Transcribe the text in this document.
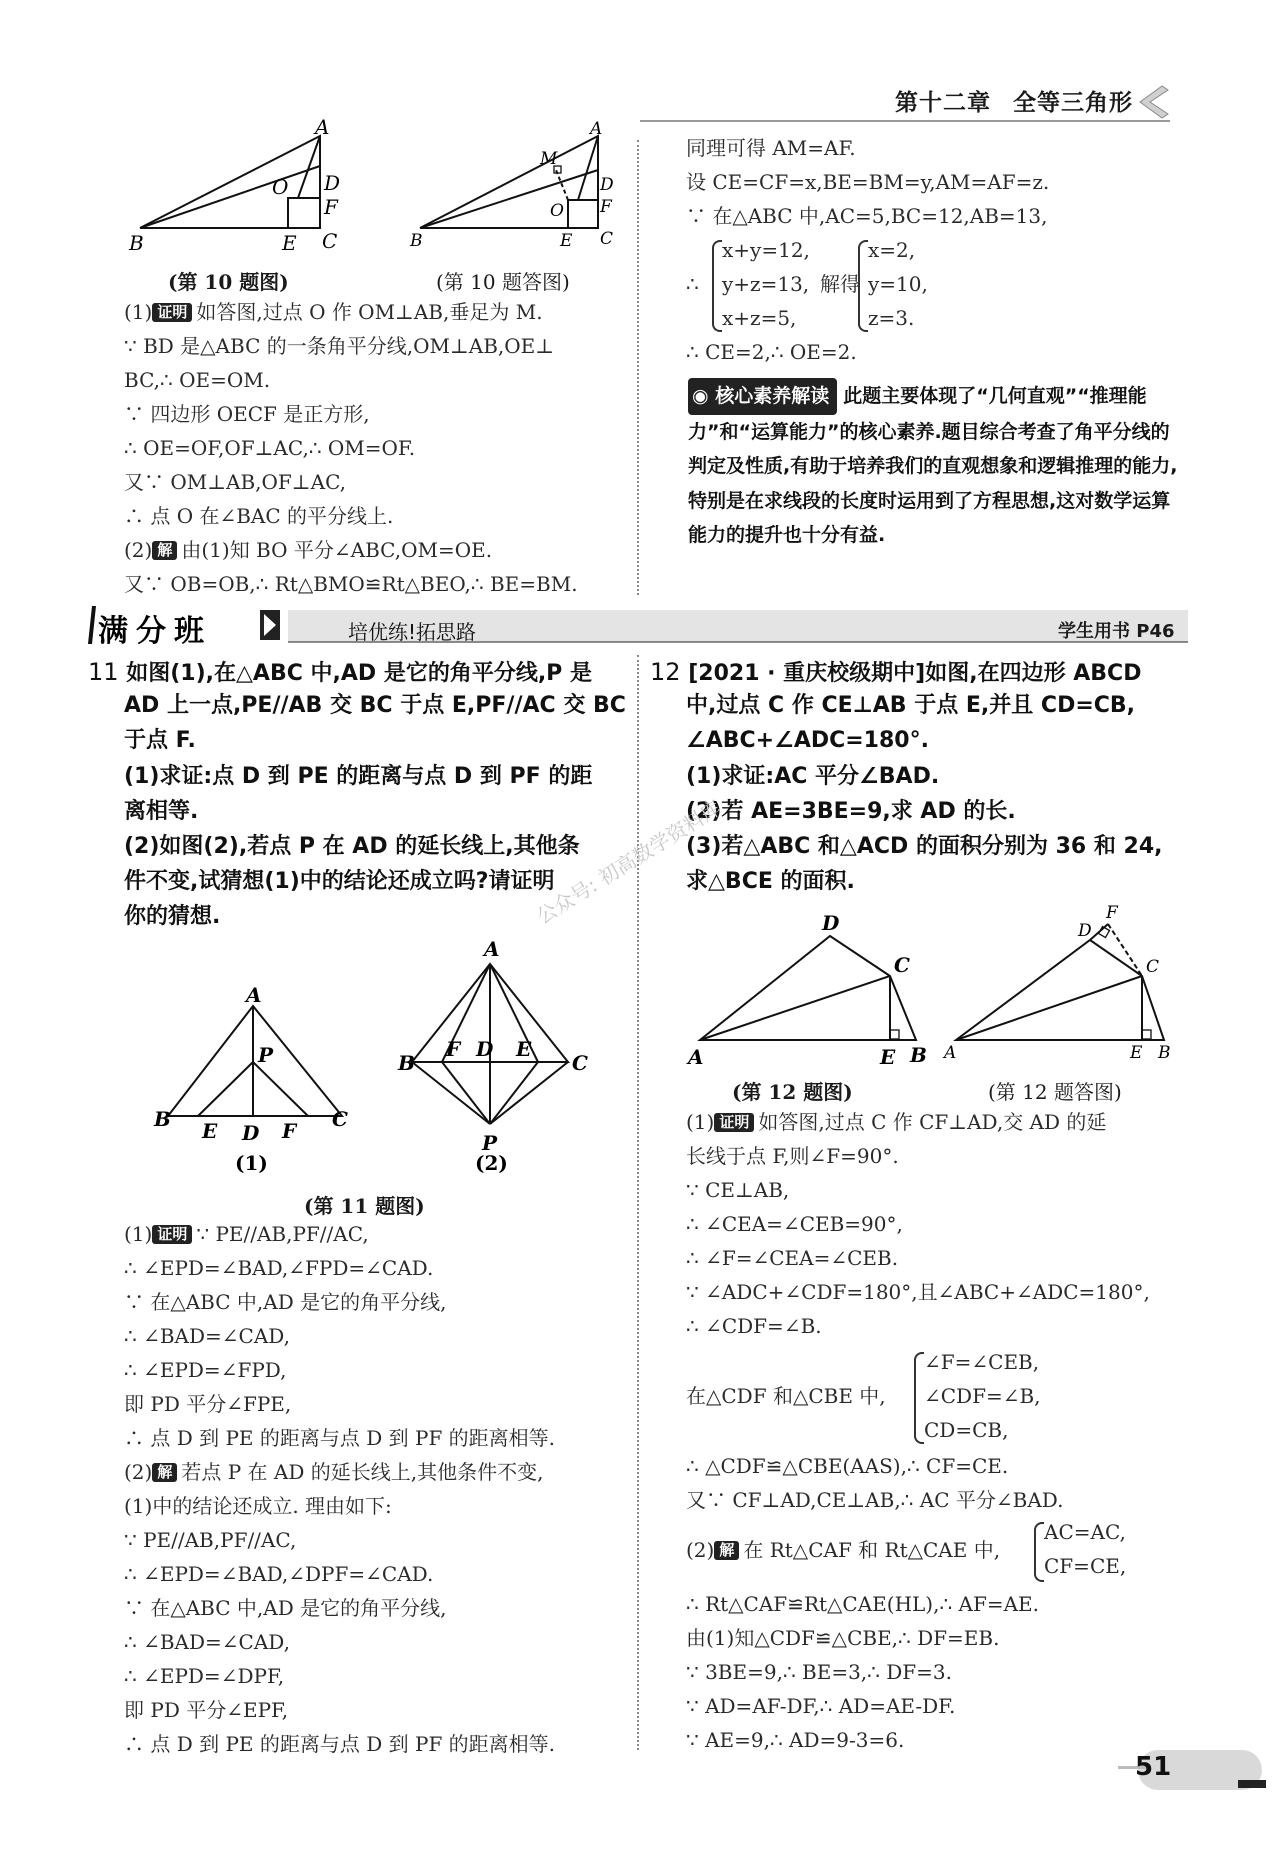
第十二章 全等三角形
A
B	C
D
E
F
O
A
B	C
D
E
F
O
M
(第 10 题图)	(第 10 题答图)
(1) 证明 如答图,过点 O 作 OM⊥AB,垂足为 M.
∵ BD 是△ABC 的一条角平分线,OM⊥AB,OE⊥
BC,∴ OE=OM.
∵ 四边形 OECF 是正方形,
∴ OE=OF,OF⊥AC,∴ OM=OF.
又∵ OM⊥AB,OF⊥AC,
∴ 点 O 在∠BAC 的平分线上.
(2) 解 由(1)知 BO 平分∠ABC,OM=OE.
又∵ OB=OB,∴ Rt△BMO≌Rt△BEO,∴ BE=BM.
同理可得 AM=AF.
设 CE=CF=x,BE=BM=y,AM=AF=z.
∵ 在△ABC 中,AC=5,BC=12,AB=13,
∴
x+y=12,
y+z=13,
x+z=5,
解得
x=2,
y=10,
z=3.
∴ CE=2,∴ OE=2.
◉ 核心素养解读 此题主要体现了“几何直观”“推理能力”和“运算能力”的核心素养.题目综合考查了角平分线的判定及性质,有助于培养我们的直观想象和逻辑推理的能力,特别是在求线段的长度时运用到了方程思想,这对数学运算能力的提升也十分有益.
满分班	培优练!拓思路	学生用书 P46
11 如图(1),在△ABC 中,AD 是它的角平分线,P 是
AD 上一点,PE//AB 交 BC 于点 E,PF//AC 交 BC
于点 F.
(1)求证:点 D 到 PE 的距离与点 D 到 PF 的距
离相等.
(2)如图(2),若点 P 在 AD 的延长线上,其他条
件不变,试猜想(1)中的结论还成立吗?请证明
你的猜想.
A
B	C
D
E	F
P
A
B	C
D E
F
P
(1)	(2)
(第 11 题图)
(1) 证明 ∵ PE//AB,PF//AC,
∴ ∠EPD=∠BAD,∠FPD=∠CAD.
∵ 在△ABC 中,AD 是它的角平分线,
∴ ∠BAD=∠CAD,
∴ ∠EPD=∠FPD,
即 PD 平分∠FPE,
∴ 点 D 到 PE 的距离与点 D 到 PF 的距离相等.
(2) 解 若点 P 在 AD 的延长线上,其他条件不变,
(1)中的结论还成立. 理由如下:
∵ PE//AB,PF//AC,
∴ ∠EPD=∠BAD,∠DPF=∠CAD.
∵ 在△ABC 中,AD 是它的角平分线,
∴ ∠BAD=∠CAD,
∴ ∠EPD=∠DPF,
即 PD 平分∠EPF,
∴ 点 D 到 PE 的距离与点 D 到 PF 的距离相等.
12 [2021 · 重庆校级期中]如图,在四边形 ABCD
中,过点 C 作 CE⊥AB 于点 E,并且 CD=CB,
∠ABC+∠ADC=180°.
(1)求证:AC 平分∠BAD.
(2)若 AE=3BE=9,求 AD 的长.
(3)若△ABC 和△ACD 的面积分别为 36 和 24,
求△BCE 的面积.
D
C
A	E B
D
F
C
A	E B
(第 12 题图)	(第 12 题答图)
(1) 证明 如答图,过点 C 作 CF⊥AD,交 AD 的延
长线于点 F,则∠F=90°.
∵ CE⊥AB,
∴ ∠CEA=∠CEB=90°,
∴ ∠F=∠CEA=∠CEB.
∵ ∠ADC+∠CDF=180°,且∠ABC+∠ADC=180°,
∴ ∠CDF=∠B.
在△CDF 和△CBE 中,
∠F=∠CEB,
∠CDF=∠B,
CD=CB,
∴ △CDF≌△CBE(AAS),∴ CF=CE.
又∵ CF⊥AD,CE⊥AB,∴ AC 平分∠BAD.
(2) 解 在 Rt△CAF 和 Rt△CAE 中,
AC=AC,
CF=CE,
∴ Rt△CAF≌Rt△CAE(HL),∴ AF=AE.
由(1)知△CDF≌△CBE,∴ DF=EB.
∵ 3BE=9,∴ BE=3,∴ DF=3.
∵ AD=AF-DF,∴ AD=AE-DF.
∵ AE=9,∴ AD=9-3=6.
公众号: 初高数学资料库
51
